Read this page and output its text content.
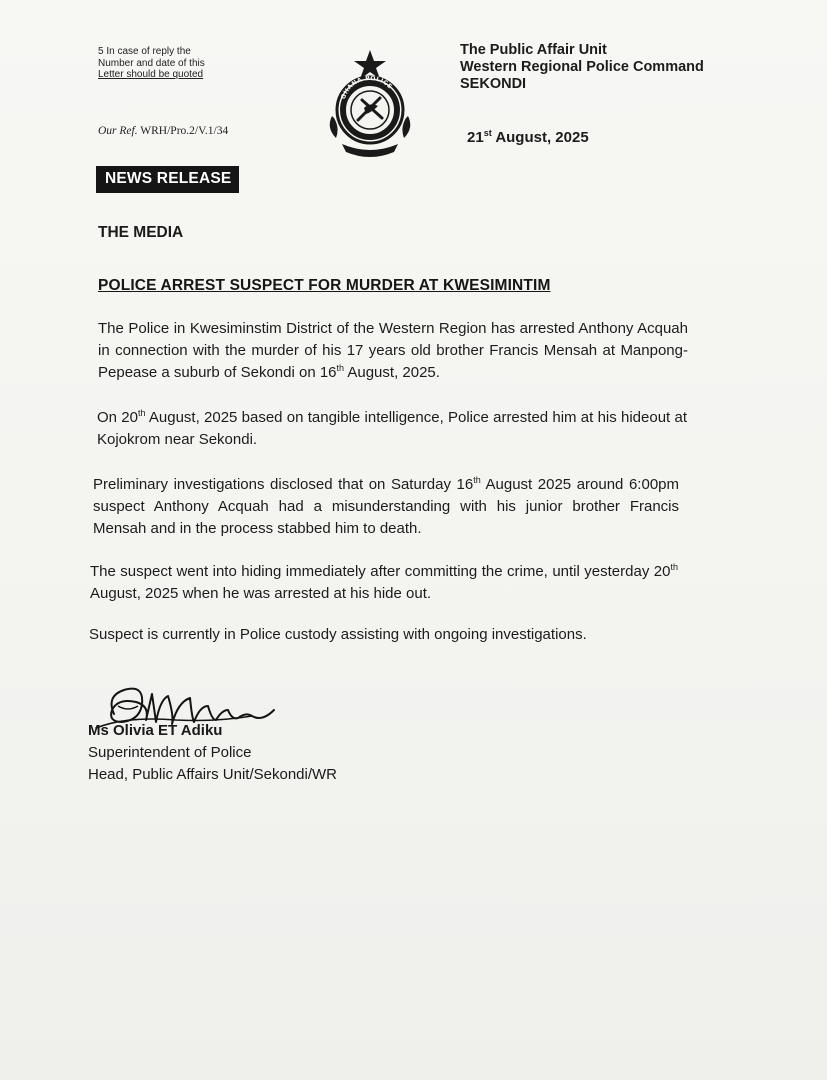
5 In case of reply the
Number and date of this
Letter should be quoted
Our Ref. WRH/Pro.2/V.1/34
GHANA POLICE
The Public Affair Unit
Western Regional Police Command
SEKONDI
21st August, 2025
NEWS RELEASE
THE MEDIA
POLICE ARREST SUSPECT FOR MURDER AT KWESIMINTIM
The Police in Kwesiminstim District of the Western Region has arrested Anthony Acquah in connection with the murder of his 17 years old brother Francis Mensah at Manpong-Pepease a suburb of Sekondi on 16th August, 2025.
On 20th August, 2025 based on tangible intelligence, Police arrested him at his hideout at Kojokrom near Sekondi.
Preliminary investigations disclosed that on Saturday 16th August 2025 around 6:00pm suspect Anthony Acquah had a misunderstanding with his junior brother Francis Mensah and in the process stabbed him to death.
The suspect went into hiding immediately after committing the crime, until yesterday 20th August, 2025 when he was arrested at his hide out.
Suspect is currently in Police custody assisting with ongoing investigations.
Ms Olivia ET Adiku
Superintendent of Police
Head, Public Affairs Unit/Sekondi/WR
